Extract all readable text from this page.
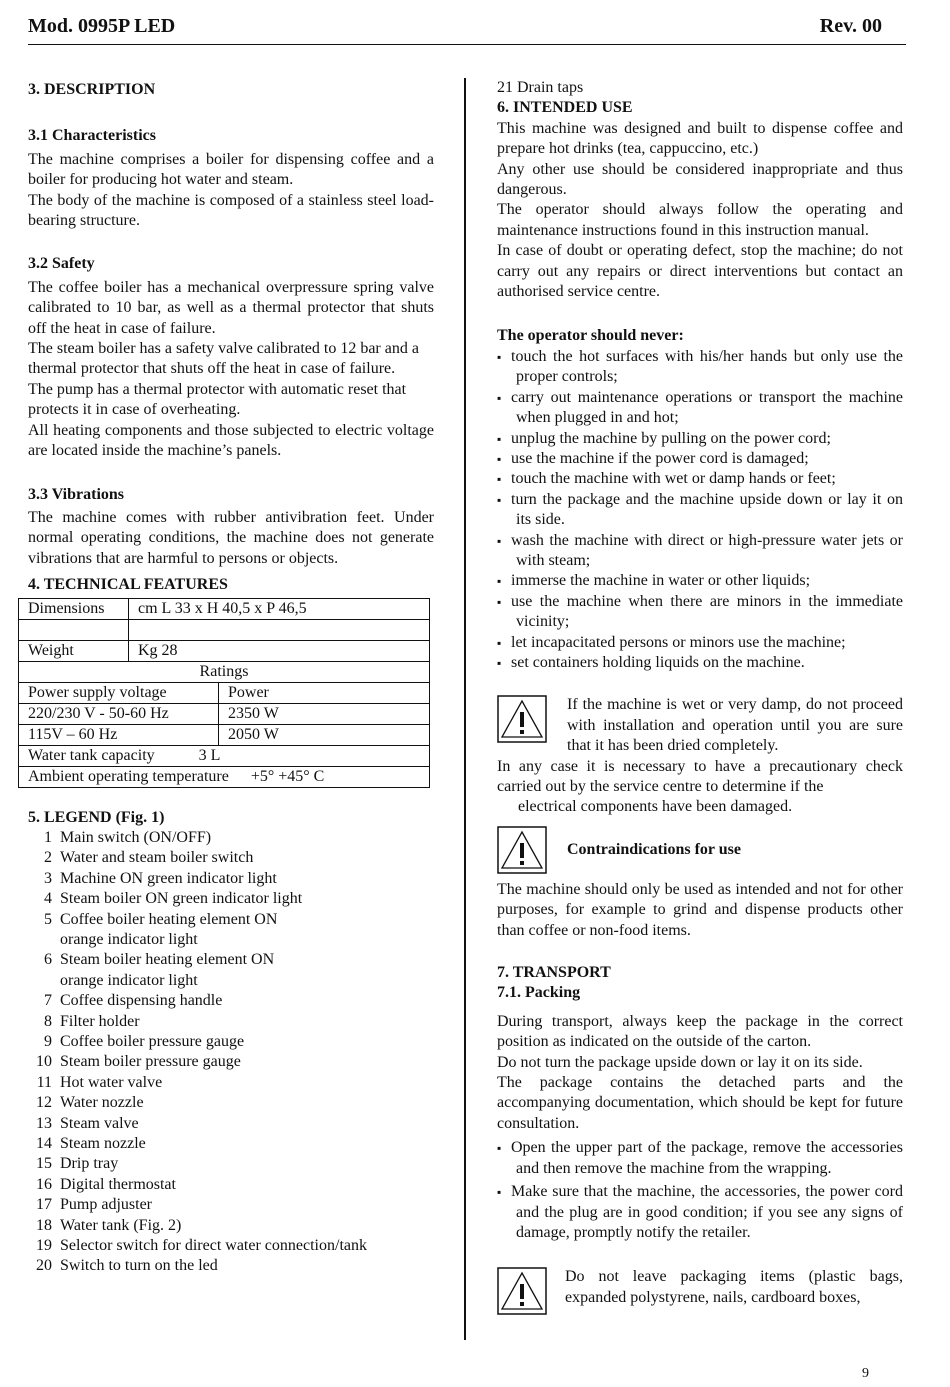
Mod. 0995P LED	Rev. 00
3. DESCRIPTION
3.1 Characteristics

The machine comprises a boiler for dispensing coffee and a boiler for producing hot water and steam.

The body of the machine is composed of a stainless steel load-bearing structure.

3.2 Safety

The coffee boiler has a mechanical overpressure spring valve calibrated to 10 bar, as well as a thermal protector that shuts off the heat in case of failure.

The steam boiler has a safety valve calibrated to 12 bar and a thermal protector that shuts off the heat in case of failure.

The pump has a thermal protector with automatic reset that protects it in case of overheating.

All heating components and those subjected to electric voltage are located inside the machine’s panels.

3.3 Vibrations

The machine comes with rubber antivibration feet. Under normal operating conditions, the machine does not generate vibrations that are harmful to persons or objects.

4. TECHNICAL FEATURES
Dimensions	cm L 33 x H 40,5 x P 46,5	

Weight	Kg 28	
Ratings		
Power supply voltage		Power
220/230 V - 50-60 Hz		2350 W
115V – 60 Hz		2050 W
Water tank capacity 3 L		
Ambient operating temperature +5° +45° C		
5. LEGEND (Fig. 1)
1 Main switch (ON/OFF)
2 Water and steam boiler switch
3 Machine ON green indicator light
4 Steam boiler ON green indicator light
5 Coffee boiler heating element ON
orange indicator light
6 Steam boiler heating element ON
orange indicator light
7 Coffee dispensing handle
8 Filter holder
9 Coffee boiler pressure gauge
10 Steam boiler pressure gauge
11 Hot water valve
12 Water nozzle
13 Steam valve
14 Steam nozzle
15 Drip tray
16 Digital thermostat
17 Pump adjuster
18 Water tank (Fig. 2)
19 Selector switch for direct water connection/tank
20 Switch to turn on the led
21 Drain taps
6. INTENDED USE

This machine was designed and built to dispense coffee and prepare hot drinks (tea, cappuccino, etc.)

Any other use should be considered inappropriate and thus dangerous.

The operator should always follow the operating and maintenance instructions found in this instruction manual.

In case of doubt or operating defect, stop the machine; do not carry out any repairs or direct interventions but contact an authorised service centre.

The operator should never:
▪ touch the hot surfaces with his/her hands but only use the proper controls;
▪ carry out maintenance operations or transport the machine when plugged in and hot;
▪ unplug the machine by pulling on the power cord;
▪ use the machine if the power cord is damaged;
▪ touch the machine with wet or damp hands or feet;
▪ turn the package and the machine upside down or lay it on its side.
▪ wash the machine with direct or high-pressure water jets or with steam;
▪ immerse the machine in water or other liquids;
▪ use the machine when there are minors in the immediate vicinity;
▪ let incapacitated persons or minors use the machine;
▪ set containers holding liquids on the machine.

If the machine is wet or very damp, do not proceed with installation and operation until you are sure that it has been dried completely.

In any case it is necessary to have a precautionary check carried out by the service centre to determine if the

electrical components have been damaged.

Contraindications for use

The machine should only be used as intended and not for other purposes, for example to grind and dispense products other than coffee or non-food items.

7. TRANSPORT
7.1. Packing

During transport, always keep the package in the correct position as indicated on the outside of the carton.

Do not turn the package upside down or lay it on its side.

The package contains the detached parts and the accompanying documentation, which should be kept for future consultation.

▪ Open the upper part of the package, remove the accessories and then remove the machine from the wrapping.
▪ Make sure that the machine, the accessories, the power cord and the plug are in good condition; if you see any signs of damage, promptly notify the retailer.

Do not leave packaging items (plastic bags, expanded polystyrene, nails, cardboard boxes,

9
